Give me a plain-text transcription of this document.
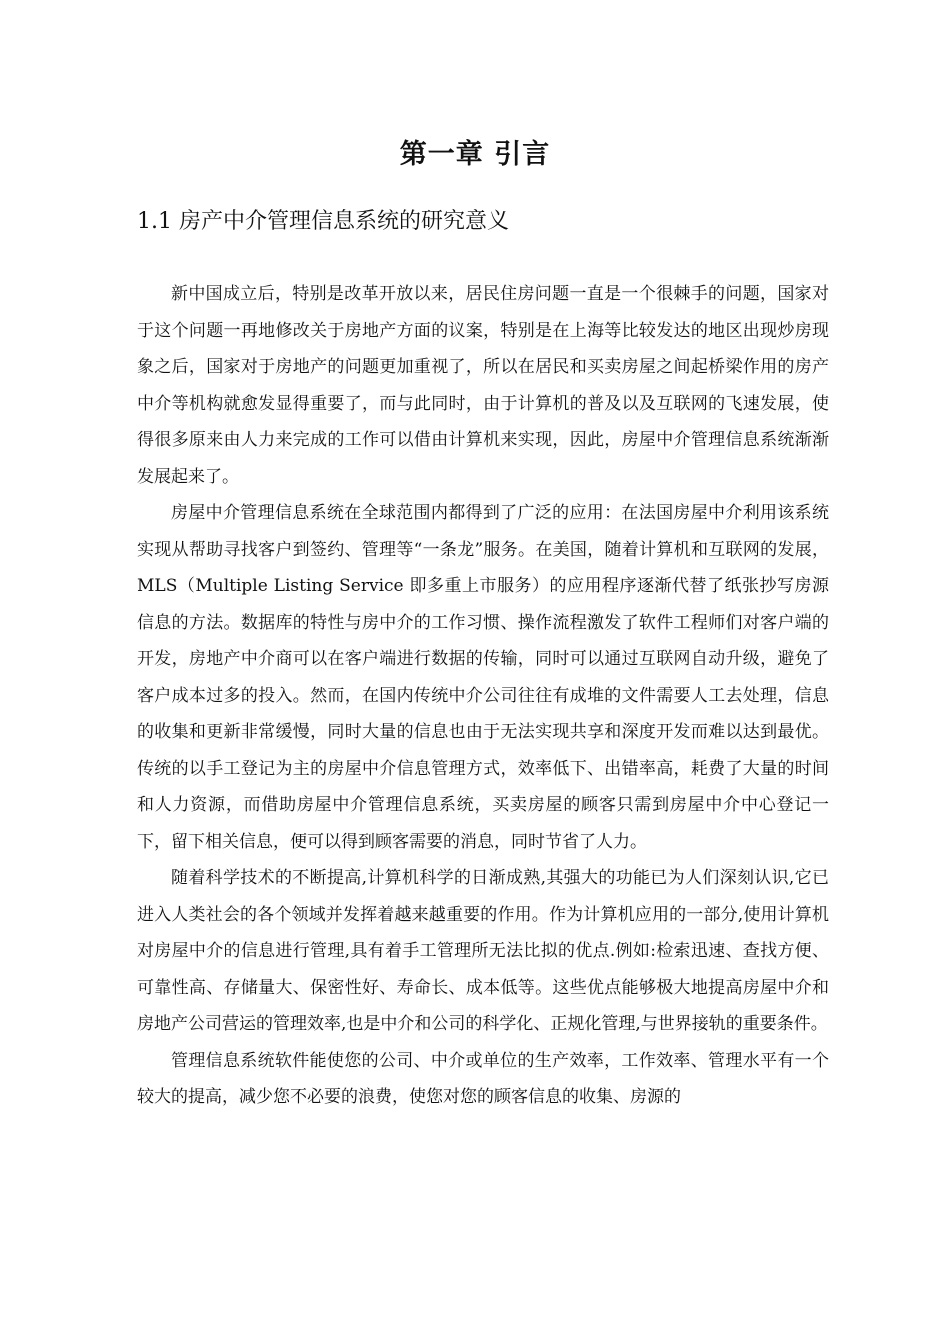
第一章 引言
1.1 房产中介管理信息系统的研究意义

新中国成立后，特别是改革开放以来，居民住房问题一直是一个很棘手的问题，国家对于这个问题一再地修改关于房地产方面的议案，特别是在上海等比较发达的地区出现炒房现象之后，国家对于房地产的问题更加重视了，所以在居民和买卖房屋之间起桥梁作用的房产中介等机构就愈发显得重要了，而与此同时，由于计算机的普及以及互联网的飞速发展，使得很多原来由人力来完成的工作可以借由计算机来实现，因此，房屋中介管理信息系统渐渐发展起来了。

房屋中介管理信息系统在全球范围内都得到了广泛的应用：在法国房屋中介利用该系统实现从帮助寻找客户到签约、管理等“一条龙”服务。在美国，随着计算机和互联网的发展，MLS（Multiple Listing Service 即多重上市服务）的应用程序逐渐代替了纸张抄写房源信息的方法。数据库的特性与房中介的工作习惯、操作流程激发了软件工程师们对客户端的开发，房地产中介商可以在客户端进行数据的传输，同时可以通过互联网自动升级，避免了客户成本过多的投入。然而，在国内传统中介公司往往有成堆的文件需要人工去处理，信息的收集和更新非常缓慢，同时大量的信息也由于无法实现共享和深度开发而难以达到最优。传统的以手工登记为主的房屋中介信息管理方式，效率低下、出错率高，耗费了大量的时间和人力资源，而借助房屋中介管理信息系统，买卖房屋的顾客只需到房屋中介中心登记一下，留下相关信息，便可以得到顾客需要的消息，同时节省了人力。

随着科学技术的不断提高,计算机科学的日渐成熟,其强大的功能已为人们深刻认识,它已进入人类社会的各个领域并发挥着越来越重要的作用。作为计算机应用的一部分,使用计算机对房屋中介的信息进行管理,具有着手工管理所无法比拟的优点.例如:检索迅速、查找方便、可靠性高、存储量大、保密性好、寿命长、成本低等。这些优点能够极大地提高房屋中介和房地产公司营运的管理效率,也是中介和公司的科学化、正规化管理,与世界接轨的重要条件。

管理信息系统软件能使您的公司、中介或单位的生产效率，工作效率、管理水平有一个较大的提高，减少您不必要的浪费，使您对您的顾客信息的收集、房源的
